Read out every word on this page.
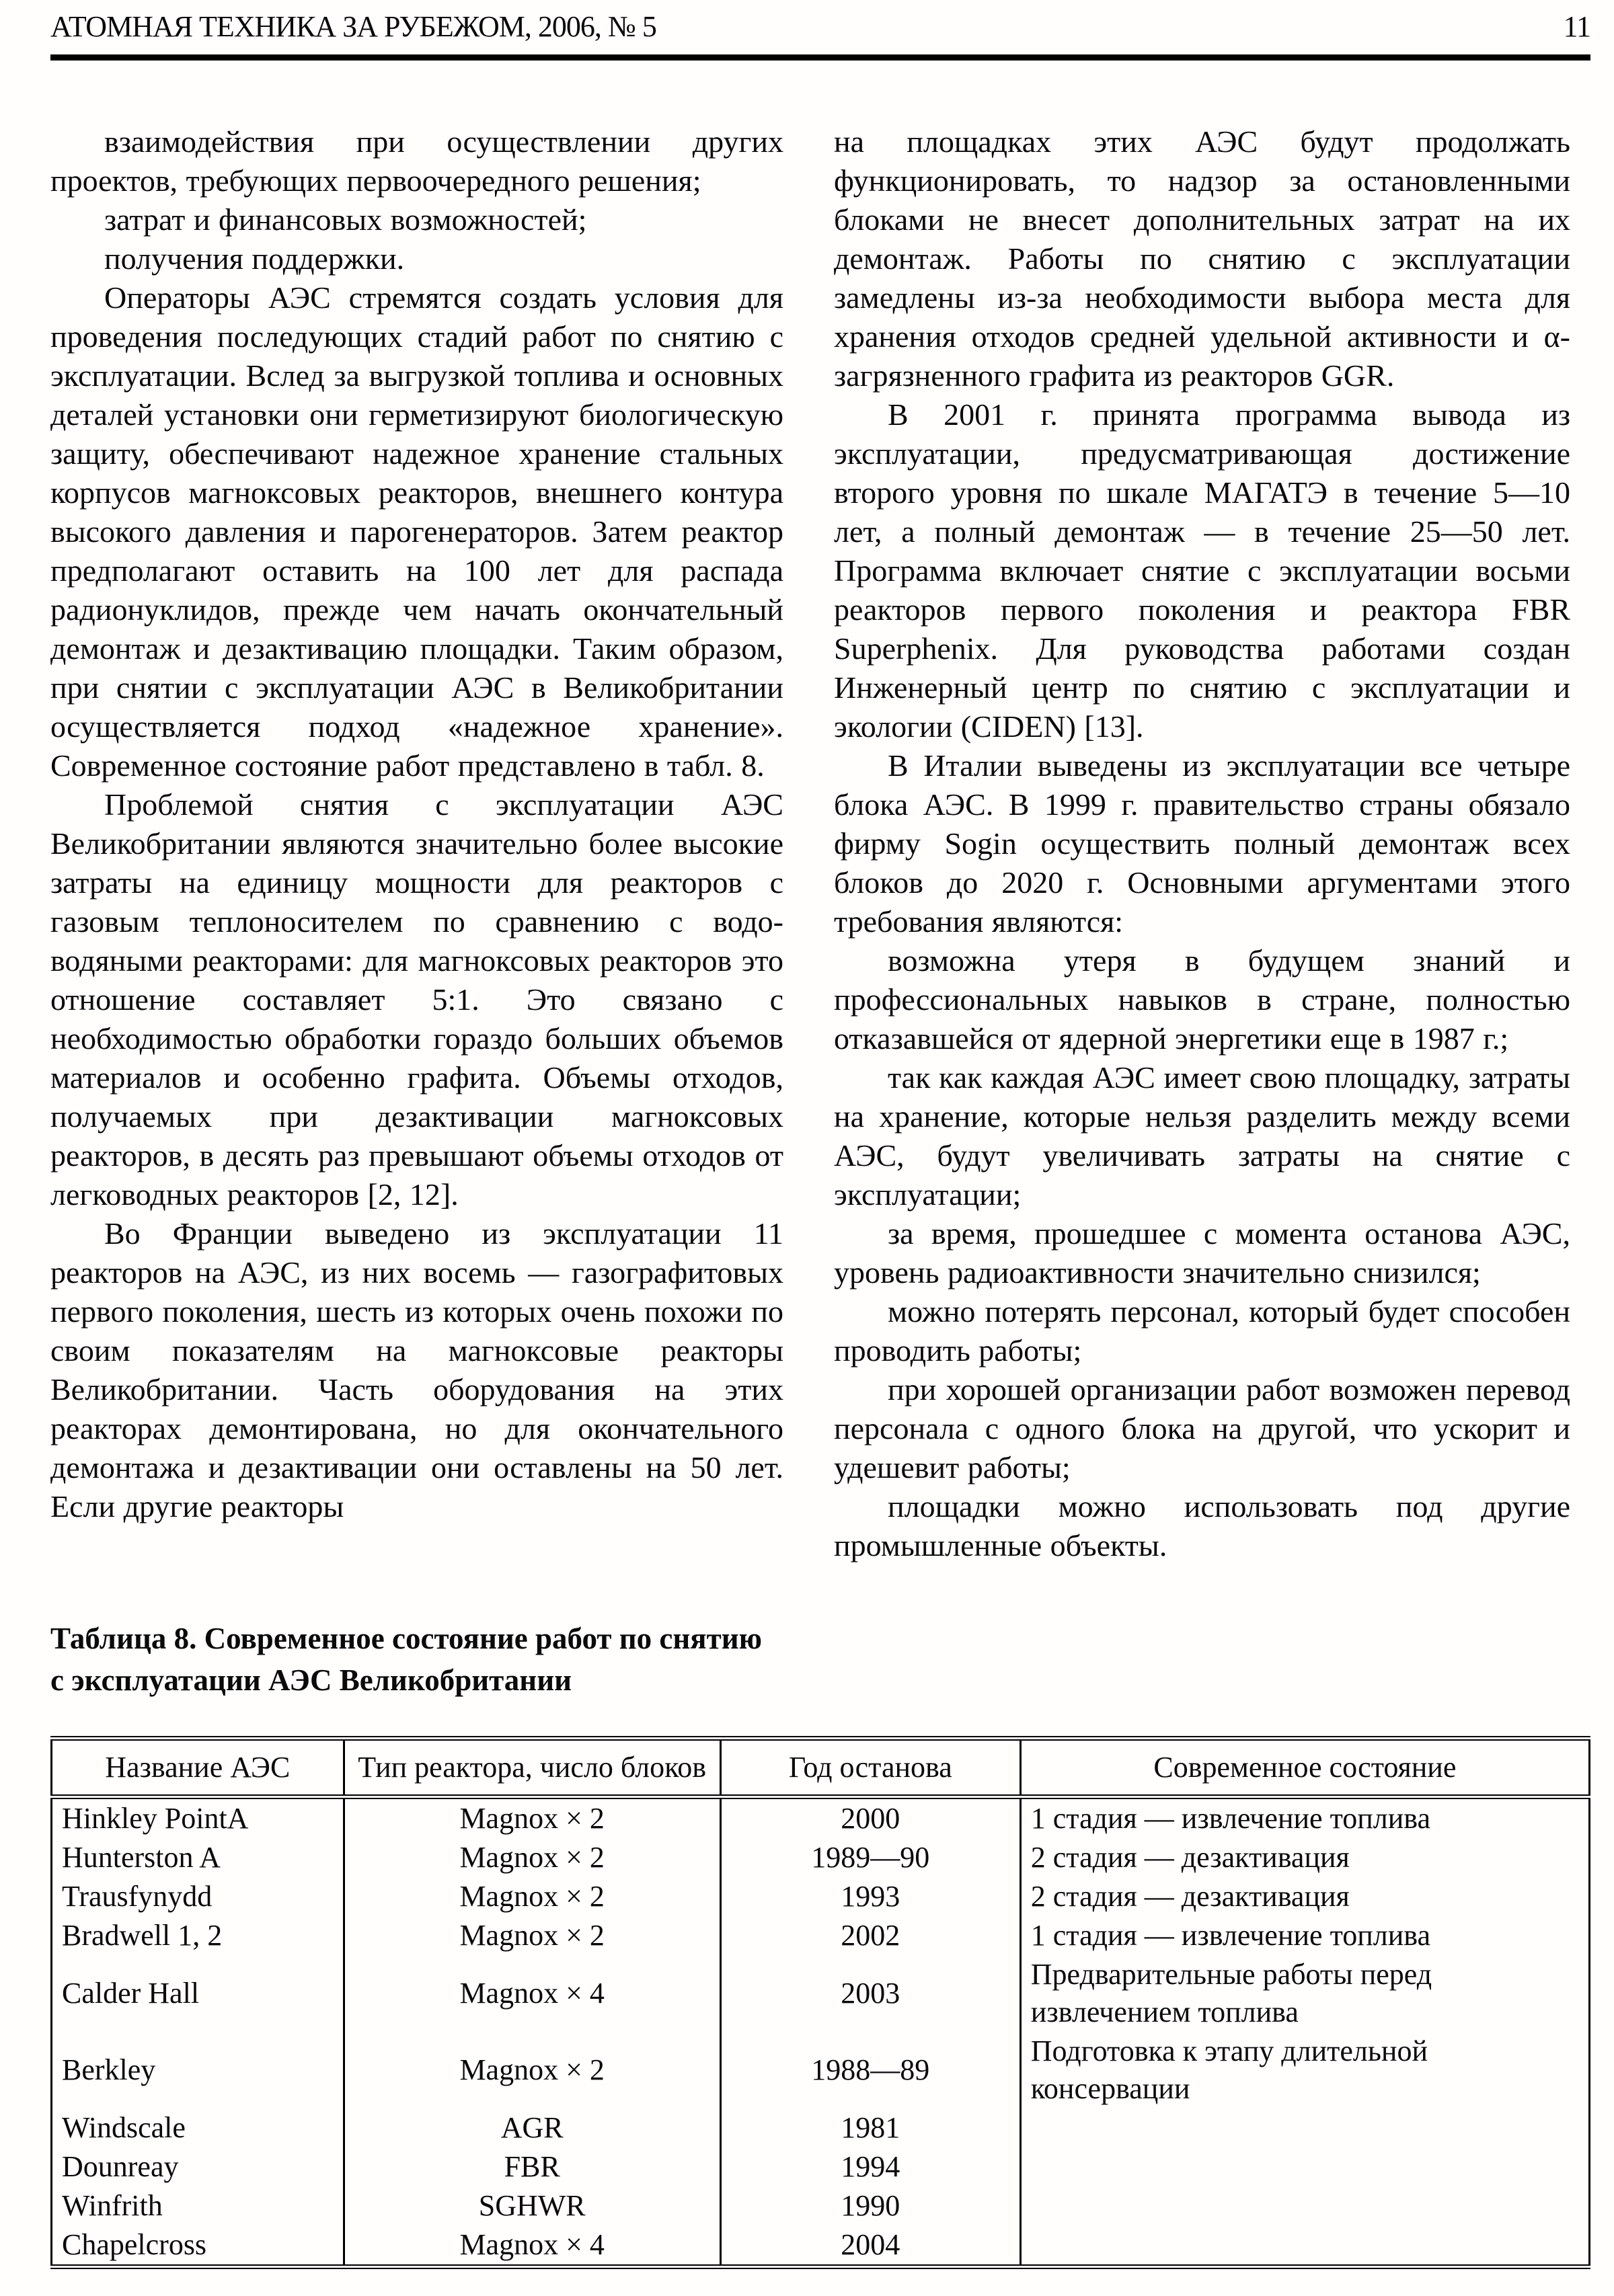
АТОМНАЯ ТЕХНИКА ЗА РУБЕЖОМ, 2006, № 5	11

взаимодействия при осуществлении других проектов, требующих первоочередного решения;

затрат и финансовых возможностей;

получения поддержки.

Операторы АЭС стремятся создать условия для проведения последующих стадий работ по снятию с эксплуатации. Вслед за выгрузкой топлива и основных деталей установки они герметизируют биологическую защиту, обеспечивают надежное хранение стальных корпусов магноксовых реакторов, внешнего контура высокого давления и парогенераторов. Затем реактор предполагают оставить на 100 лет для распада радионуклидов, прежде чем начать окончательный демонтаж и дезактивацию площадки. Таким образом, при снятии с эксплуатации АЭС в Великобритании осуществляется подход «надежное хранение». Современное состояние работ представлено в табл. 8.

Проблемой снятия с эксплуатации АЭС Великобритании являются значительно более высокие затраты на единицу мощности для реакторов с газовым теплоносителем по сравнению с водо-водяными реакторами: для магноксовых реакторов это отношение составляет 5:1. Это связано с необходимостью обработки гораздо больших объемов материалов и особенно графита. Объемы отходов, получаемых при дезактивации магноксовых реакторов, в десять раз превышают объемы отходов от легководных реакторов [2, 12].

Во Франции выведено из эксплуатации 11 реакторов на АЭС, из них восемь — газографитовых первого поколения, шесть из которых очень похожи по своим показателям на магноксовые реакторы Великобритании. Часть оборудования на этих реакторах демонтирована, но для окончательного демонтажа и дезактивации они оставлены на 50 лет. Если другие реакторы

на площадках этих АЭС будут продолжать функционировать, то надзор за остановленными блоками не внесет дополнительных затрат на их демонтаж. Работы по снятию с эксплуатации замедлены из-за необходимости выбора места для хранения отходов средней удельной активности и α-загрязненного графита из реакторов GGR.

В 2001 г. принята программа вывода из эксплуатации, предусматривающая достижение второго уровня по шкале МАГАТЭ в течение 5—10 лет, а полный демонтаж — в течение 25—50 лет. Программа включает снятие с эксплуатации восьми реакторов первого поколения и реактора FBR Superphenix. Для руководства работами создан Инженерный центр по снятию с эксплуатации и экологии (CIDEN) [13].

В Италии выведены из эксплуатации все четыре блока АЭС. В 1999 г. правительство страны обязало фирму Sogin осуществить полный демонтаж всех блоков до 2020 г. Основными аргументами этого требования являются:

возможна утеря в будущем знаний и профессиональных навыков в стране, полностью отказавшейся от ядерной энергетики еще в 1987 г.;

так как каждая АЭС имеет свою площадку, затраты на хранение, которые нельзя разделить между всеми АЭС, будут увеличивать затраты на снятие с эксплуатации;

за время, прошедшее с момента останова АЭС, уровень радиоактивности значительно снизился;

можно потерять персонал, который будет способен проводить работы;

при хорошей организации работ возможен перевод персонала с одного блока на другой, что ускорит и удешевит работы;

площадки можно использовать под другие промышленные объекты.

Таблица 8. Современное состояние работ по снятию
с эксплуатации АЭС Великобритании
Название АЭС	Тип реактора, число блоков	Год останова	Современное состояние
Hinkley PointA	Magnox × 2	2000	1 стадия — извлечение топлива
Hunterston A	Magnox × 2	1989—90	2 стадия — дезактивация
Trausfynydd	Magnox × 2	1993	2 стадия — дезактивация
Bradwell 1, 2	Magnox × 2	2002	1 стадия — извлечение топлива
Calder Hall	Magnox × 4	2003	Предварительные работы перед извлечением топлива
Berkley	Magnox × 2	1988—89	Подготовка к этапу длительной консервации
Windscale	AGR	1981	
Dounreay	FBR	1994	
Winfrith	SGHWR	1990	
Chapelcross	Magnox × 4	2004	
